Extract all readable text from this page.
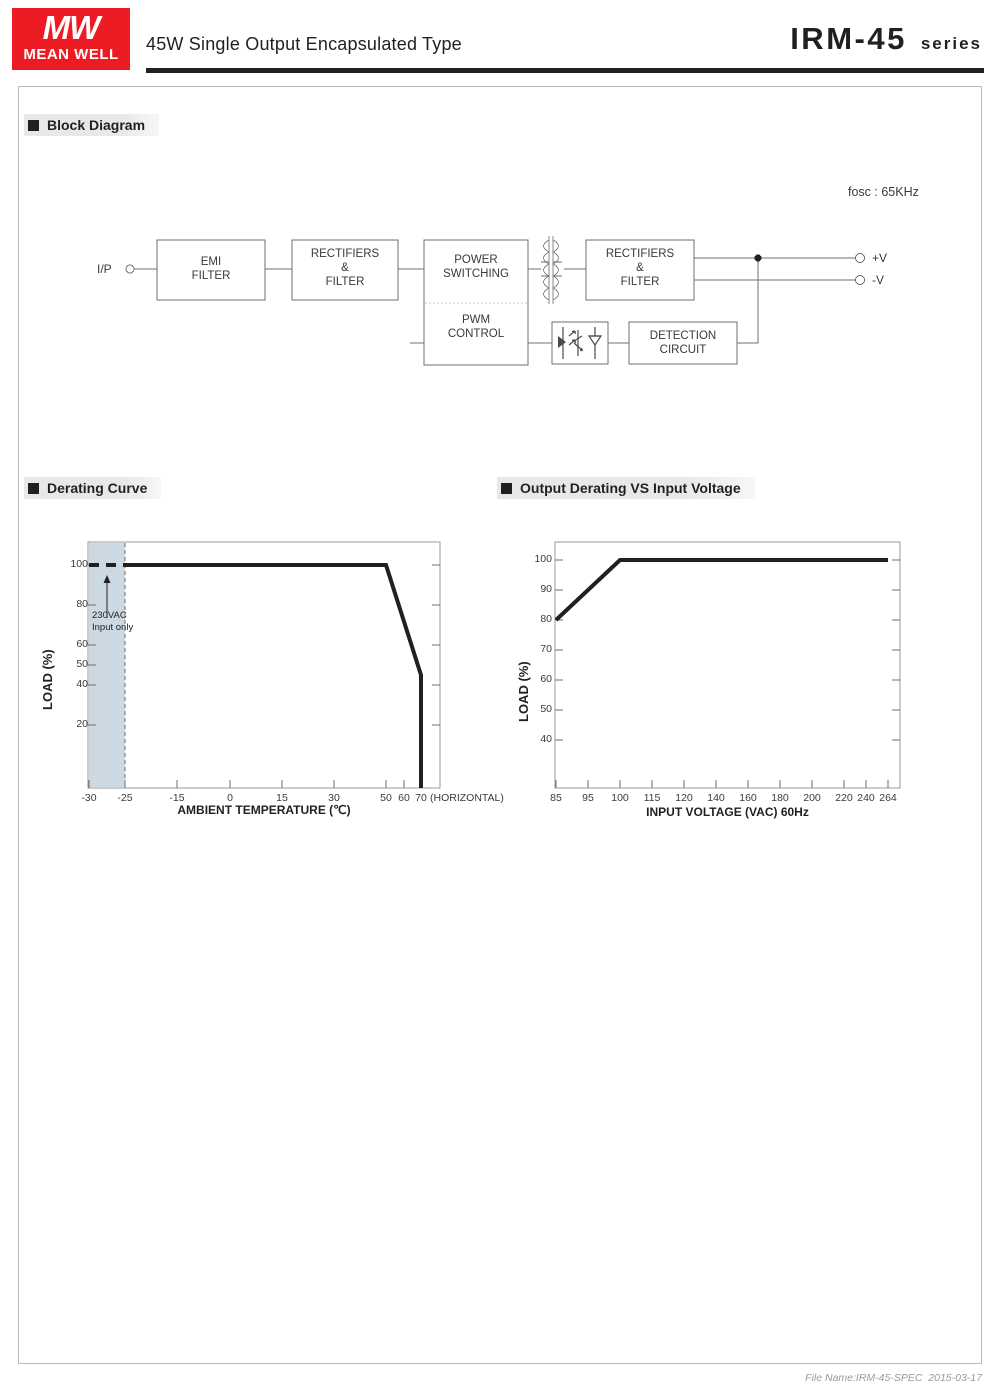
MW
MEAN WELL
45W Single Output Encapsulated Type	IRM-45 series
Block Diagram
Derating Curve	Output Derating VS Input Voltage
I/P	EMI
FILTER
RECTIFIERS
&
FILTER
POWER
SWITCHING
PWM
CONTROL
RECTIFIERS
&
FILTER
DETECTION
CIRCUIT
fosc : 65KHz
+V
-V
100
80
60
50
40
20
-30	-25	-15	0	15	30	50 60 70 (HORIZONTAL)
230VAC
Input only
LOAD (%)
AMBIENT TEMPERATURE (℃)
100
90
80
70
60
50
40
85	95	100	115	120	140	160	180	200	220 240 264
LOAD (%)
INPUT VOLTAGE (VAC) 60Hz
File Name:IRM-45-SPEC 2015-03-17
